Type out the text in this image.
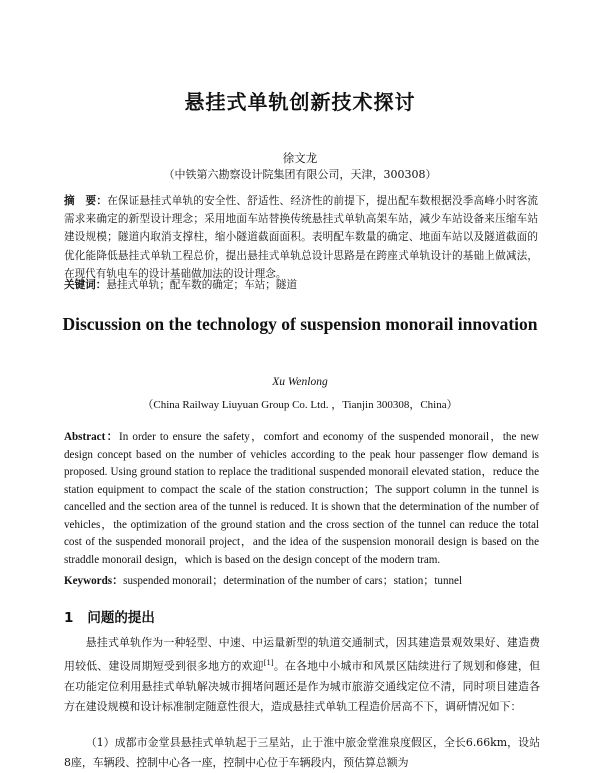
悬挂式单轨创新技术探讨
徐文龙
（中铁第六勘察设计院集团有限公司，天津，300308）
摘　要：在保证悬挂式单轨的安全性、舒适性、经济性的前提下，提出配车数根据没季高峰小时客流需求来确定的新型设计理念；采用地面车站替换传统悬挂式单轨高架车站，减少车站设备来压缩车站建设规模；隧道内取消支撑柱，缩小隧道截面面积。表明配车数量的确定、地面车站以及隧道截面的优化能降低悬挂式单轨工程总价，提出悬挂式单轨总设计思路是在跨座式单轨设计的基础上做减法，在现代有轨电车的设计基础做加法的设计理念。
关键词：悬挂式单轨；配车数的确定；车站；隧道
Discussion on the technology of suspension monorail innovation
Xu Wenlong
（China Railway Liuyuan Group Co. Ltd. ，Tianjin 300308，China）
Abstract：In order to ensure the safety，comfort and economy of the suspended monorail，the new design concept based on the number of vehicles according to the peak hour passenger flow demand is proposed. Using ground station to replace the traditional suspended monorail elevated station，reduce the station equipment to compact the scale of the station construction；The support column in the tunnel is cancelled and the section area of the tunnel is reduced. It is shown that the determination of the number of vehicles，the optimization of the ground station and the cross section of the tunnel can reduce the total cost of the suspended monorail project，and the idea of the suspension monorail design is based on the straddle monorail design，which is based on the design concept of the modern tram.
Keywords：suspended monorail；determination of the number of cars；station；tunnel
1 问题的提出
悬挂式单轨作为一种轻型、中速、中运量新型的轨道交通制式，因其建造景观效果好、建造费用较低、建设周期短受到很多地方的欢迎[1]。在各地中小城市和风景区陆续进行了规划和修建，但在功能定位利用悬挂式单轨解决城市拥堵问题还是作为城市旅游交通线定位不清，同时项目建造各方在建设规模和设计标准制定随意性很大，造成悬挂式单轨工程造价居高不下，调研情况如下：
（1）成都市金堂县悬挂式单轨起于三星站，止于淮中旅金堂淮泉度假区，全长6.66km，设站8座，车辆段、控制中心各一座，控制中心位于车辆段内，预估算总额为
